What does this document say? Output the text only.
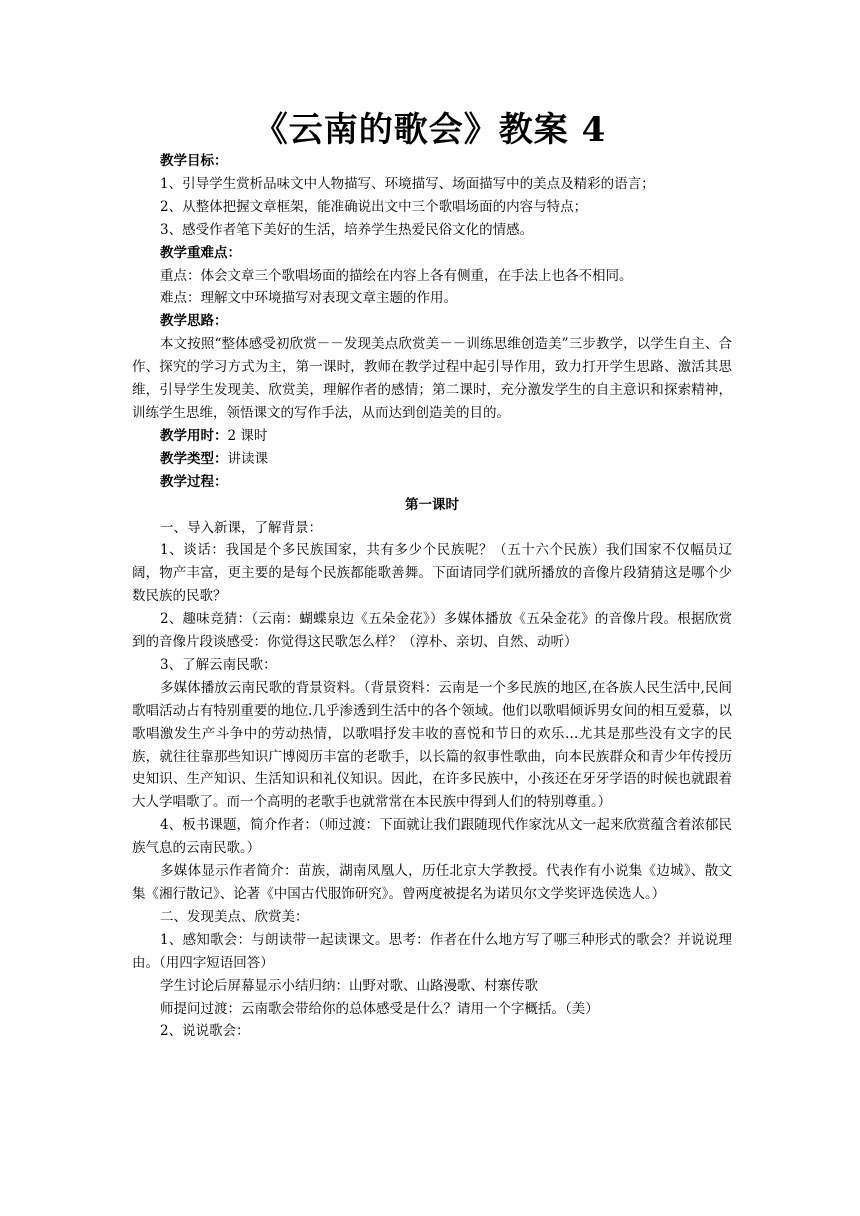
《云南的歌会》教案 4

教学目标：

1、引导学生赏析品味文中人物描写、环境描写、场面描写中的美点及精彩的语言；

2、从整体把握文章框架，能准确说出文中三个歌唱场面的内容与特点；

3、感受作者笔下美好的生活，培养学生热爱民俗文化的情感。

教学重难点：

重点：体会文章三个歌唱场面的描绘在内容上各有侧重，在手法上也各不相同。

难点：理解文中环境描写对表现文章主题的作用。

教学思路：

本文按照“整体感受初欣赏－－发现美点欣赏美－－训练思维创造美”三步教学，以学生自主、合作、探究的学习方式为主，第一课时，教师在教学过程中起引导作用，致力打开学生思路、激活其思维，引导学生发现美、欣赏美，理解作者的感情；第二课时，充分激发学生的自主意识和探索精神，训练学生思维，领悟课文的写作手法，从而达到创造美的目的。

教学用时：2 课时

教学类型：讲读课

教学过程：

第一课时

一、导入新课，了解背景：

1、谈话：我国是个多民族国家，共有多少个民族呢？（五十六个民族）我们国家不仅幅员辽阔，物产丰富，更主要的是每个民族都能歌善舞。下面请同学们就所播放的音像片段猜猜这是哪个少数民族的民歌？

2、趣味竞猜：（云南：蝴蝶泉边《五朵金花》）多媒体播放《五朵金花》的音像片段。根据欣赏到的音像片段谈感受：你觉得这民歌怎么样？（淳朴、亲切、自然、动听）

3、了解云南民歌：

多媒体播放云南民歌的背景资料。（背景资料：云南是一个多民族的地区,在各族人民生活中,民间歌唱活动占有特别重要的地位.几乎渗透到生活中的各个领域。他们以歌唱倾诉男女间的相互爱慕，以歌唱激发生产斗争中的劳动热情，以歌唱抒发丰收的喜悦和节日的欢乐…尤其是那些没有文字的民族，就往往靠那些知识广博阅历丰富的老歌手，以长篇的叙事性歌曲，向本民族群众和青少年传授历史知识、生产知识、生活知识和礼仪知识。因此，在许多民族中，小孩还在牙牙学语的时候也就跟着大人学唱歌了。而一个高明的老歌手也就常常在本民族中得到人们的特别尊重。）

4、板书课题，简介作者：（师过渡：下面就让我们跟随现代作家沈从文一起来欣赏蕴含着浓郁民族气息的云南民歌。）

多媒体显示作者简介：苗族，湖南凤凰人，历任北京大学教授。代表作有小说集《边城》、散文集《湘行散记》、论著《中国古代服饰研究》。曾两度被提名为诺贝尔文学奖评选侯选人。）

二、发现美点、欣赏美：

1、感知歌会：与朗读带一起读课文。思考：作者在什么地方写了哪三种形式的歌会？并说说理由。（用四字短语回答）

学生讨论后屏幕显示小结归纳：山野对歌、山路漫歌、村寨传歌

师提问过渡：云南歌会带给你的总体感受是什么？请用一个字概括。（美）

2、说说歌会：
